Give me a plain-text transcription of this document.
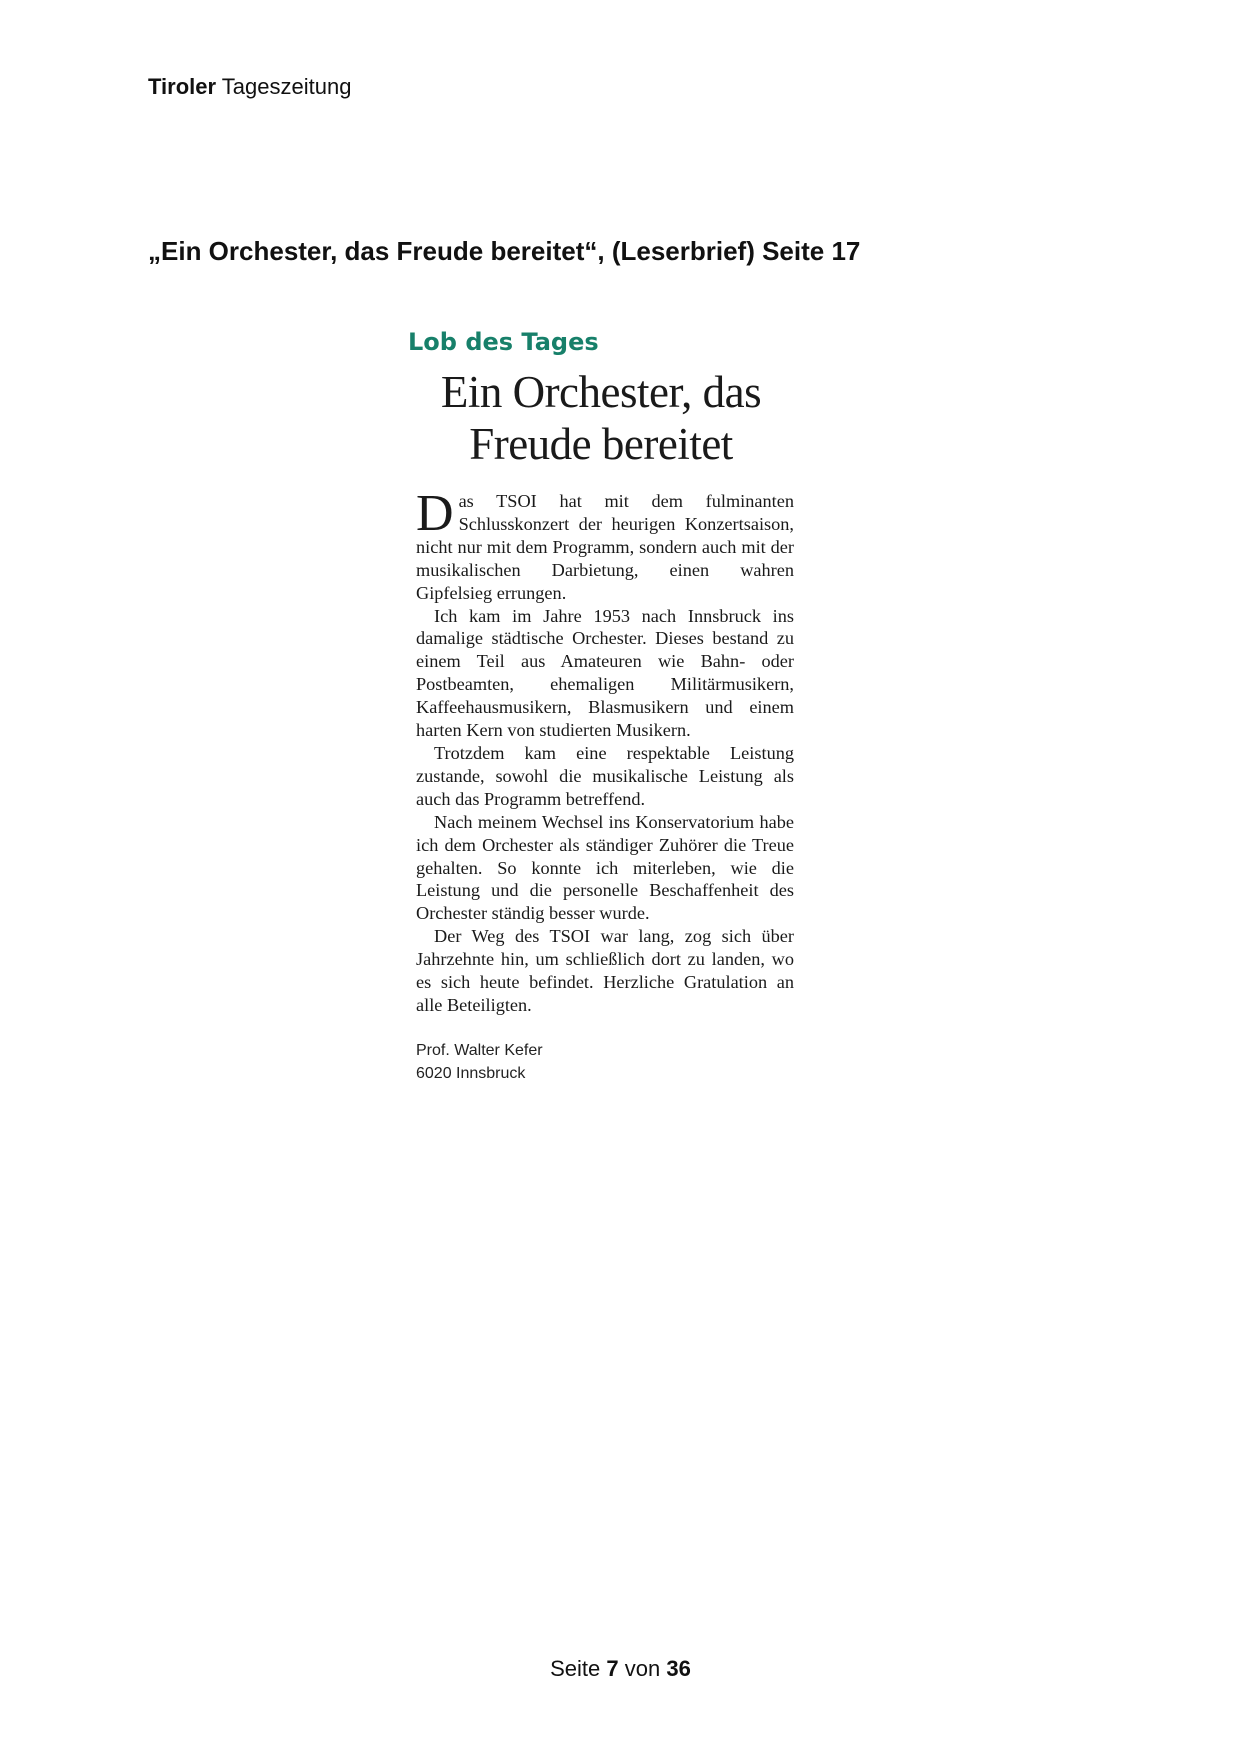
Tiroler Tageszeitung
„Ein Orchester, das Freude bereitet“, (Leserbrief) Seite 17
Lob des Tages
Ein Orchester, das
Freude bereitet

Das TSOI hat mit dem fulminanten Schlusskonzert der heurigen Konzertsaison, nicht nur mit dem Programm, sondern auch mit der musikalischen Darbietung, einen wahren Gipfelsieg errungen.

Ich kam im Jahre 1953 nach Innsbruck ins damalige städtische Orchester. Dieses bestand zu einem Teil aus Amateuren wie Bahn- oder Postbeamten, ehemaligen Militärmusikern, Kaffeehausmusikern, Blasmusikern und einem harten Kern von studierten Musikern.

Trotzdem kam eine respektable Leistung zustande, sowohl die musikalische Leistung als auch das Programm betreffend.

Nach meinem Wechsel ins Konservatorium habe ich dem Orchester als ständiger Zuhörer die Treue gehalten. So konnte ich miterleben, wie die Leistung und die personelle Beschaffenheit des Orchester ständig besser wurde.

Der Weg des TSOI war lang, zog sich über Jahrzehnte hin, um schließlich dort zu landen, wo es sich heute befindet. Herzliche Gratulation an alle Beteiligten.

Prof. Walter Kefer
6020 Innsbruck
Seite 7 von 36
